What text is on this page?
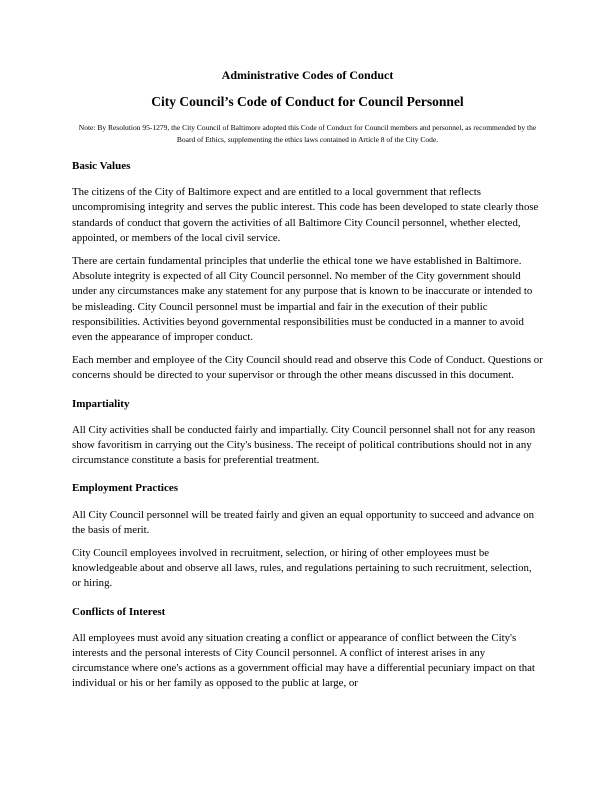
Administrative Codes of Conduct
City Council’s Code of Conduct for Council Personnel

Note: By Resolution 95-1279, the City Council of Baltimore adopted this Code of Conduct for Council members and personnel, as recommended by the Board of Ethics, supplementing the ethics laws contained in Article 8 of the City Code.

Basic Values

The citizens of the City of Baltimore expect and are entitled to a local government that reflects uncompromising integrity and serves the public interest. This code has been developed to state clearly those standards of conduct that govern the activities of all Baltimore City Council personnel, whether elected, appointed, or members of the local civil service.

There are certain fundamental principles that underlie the ethical tone we have established in Baltimore. Absolute integrity is expected of all City Council personnel. No member of the City government should under any circumstances make any statement for any purpose that is known to be inaccurate or intended to be misleading. City Council personnel must be impartial and fair in the execution of their public responsibilities. Activities beyond governmental responsibilities must be conducted in a manner to avoid even the appearance of improper conduct.

Each member and employee of the City Council should read and observe this Code of Conduct. Questions or concerns should be directed to your supervisor or through the other means discussed in this document.

Impartiality

All City activities shall be conducted fairly and impartially. City Council personnel shall not for any reason show favoritism in carrying out the City's business. The receipt of political contributions should not in any circumstance constitute a basis for preferential treatment.

Employment Practices

All City Council personnel will be treated fairly and given an equal opportunity to succeed and advance on the basis of merit.

City Council employees involved in recruitment, selection, or hiring of other employees must be knowledgeable about and observe all laws, rules, and regulations pertaining to such recruitment, selection, or hiring.

Conflicts of Interest

All employees must avoid any situation creating a conflict or appearance of conflict between the City's interests and the personal interests of City Council personnel. A conflict of interest arises in any circumstance where one's actions as a government official may have a differential pecuniary impact on that individual or his or her family as opposed to the public at large, or
